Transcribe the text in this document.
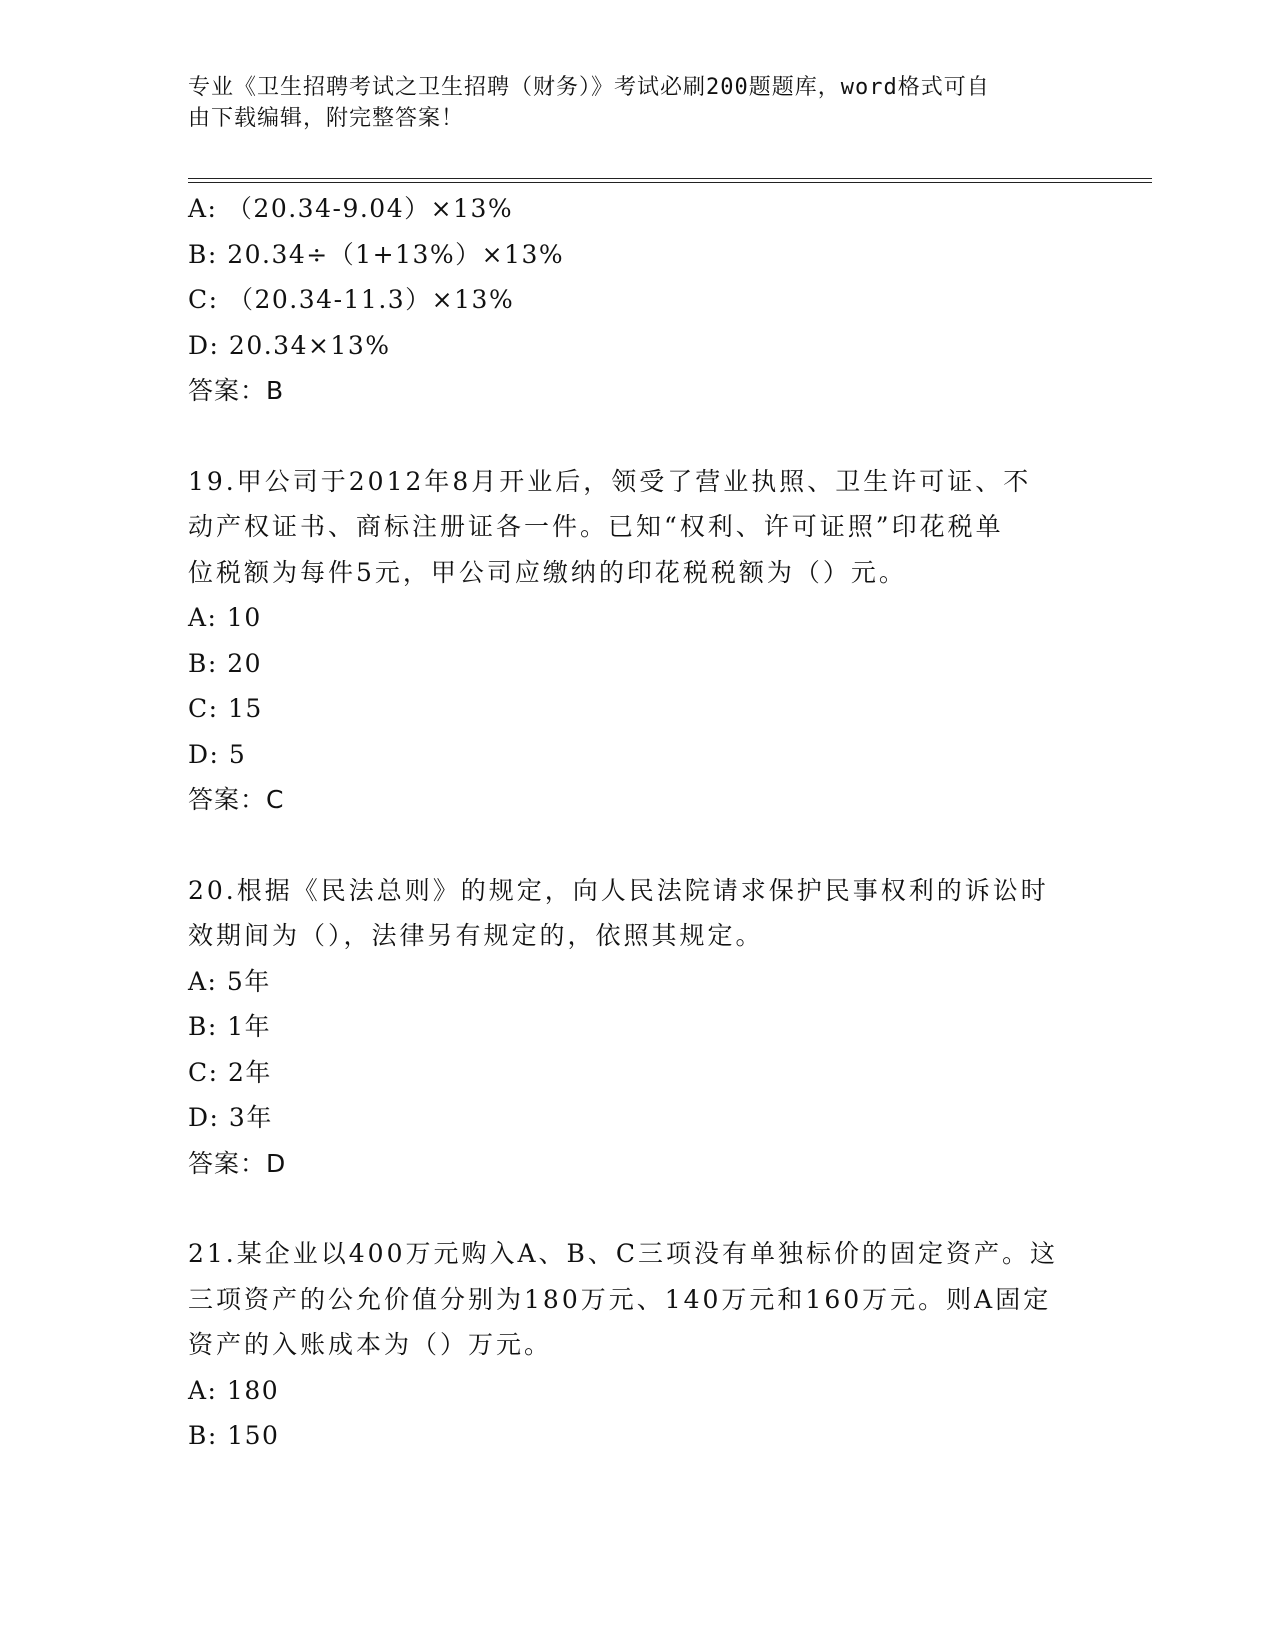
专业《卫生招聘考试之卫生招聘（财务）》考试必刷200题题库，word格式可自
由下载编辑，附完整答案！
A: （20.34-9.04）×13%
B: 20.34÷（1+13%）×13%
C: （20.34-11.3）×13%
D: 20.34×13%
答案：B
19.甲公司于2012年8月开业后，领受了营业执照、卫生许可证、不
动产权证书、商标注册证各一件。已知“权利、许可证照”印花税单
位税额为每件5元，甲公司应缴纳的印花税税额为（）元。
A: 10
B: 20
C: 15
D: 5
答案：C
20.根据《民法总则》的规定，向人民法院请求保护民事权利的诉讼时
效期间为（），法律另有规定的，依照其规定。
A: 5年
B: 1年
C: 2年
D: 3年
答案：D
21.某企业以400万元购入A、B、C三项没有单独标价的固定资产。这
三项资产的公允价值分别为180万元、140万元和160万元。则A固定
资产的入账成本为（）万元。
A: 180
B: 150
